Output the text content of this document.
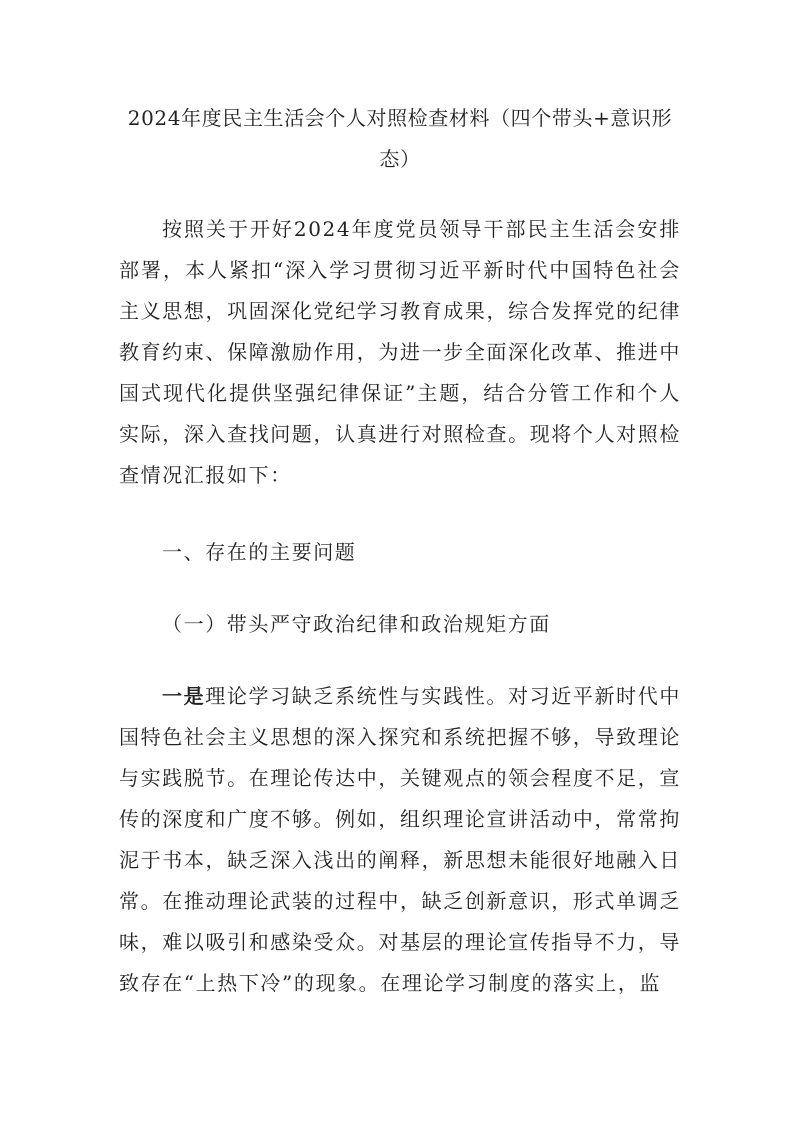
2024年度民主生活会个人对照检查材料（四个带头+意识形态）

按照关于开好2024年度党员领导干部民主生活会安排部署，本人紧扣“深入学习贯彻习近平新时代中国特色社会主义思想，巩固深化党纪学习教育成果，综合发挥党的纪律教育约束、保障激励作用，为进一步全面深化改革、推进中国式现代化提供坚强纪律保证”主题，结合分管工作和个人实际，深入查找问题，认真进行对照检查。现将个人对照检查情况汇报如下：

一、存在的主要问题

（一）带头严守政治纪律和政治规矩方面

一是理论学习缺乏系统性与实践性。对习近平新时代中国特色社会主义思想的深入探究和系统把握不够，导致理论与实践脱节。在理论传达中，关键观点的领会程度不足，宣传的深度和广度不够。例如，组织理论宣讲活动中，常常拘泥于书本，缺乏深入浅出的阐释，新思想未能很好地融入日常。在推动理论武装的过程中，缺乏创新意识，形式单调乏味，难以吸引和感染受众。对基层的理论宣传指导不力，导致存在“上热下冷”的现象。在理论学习制度的落实上，监
